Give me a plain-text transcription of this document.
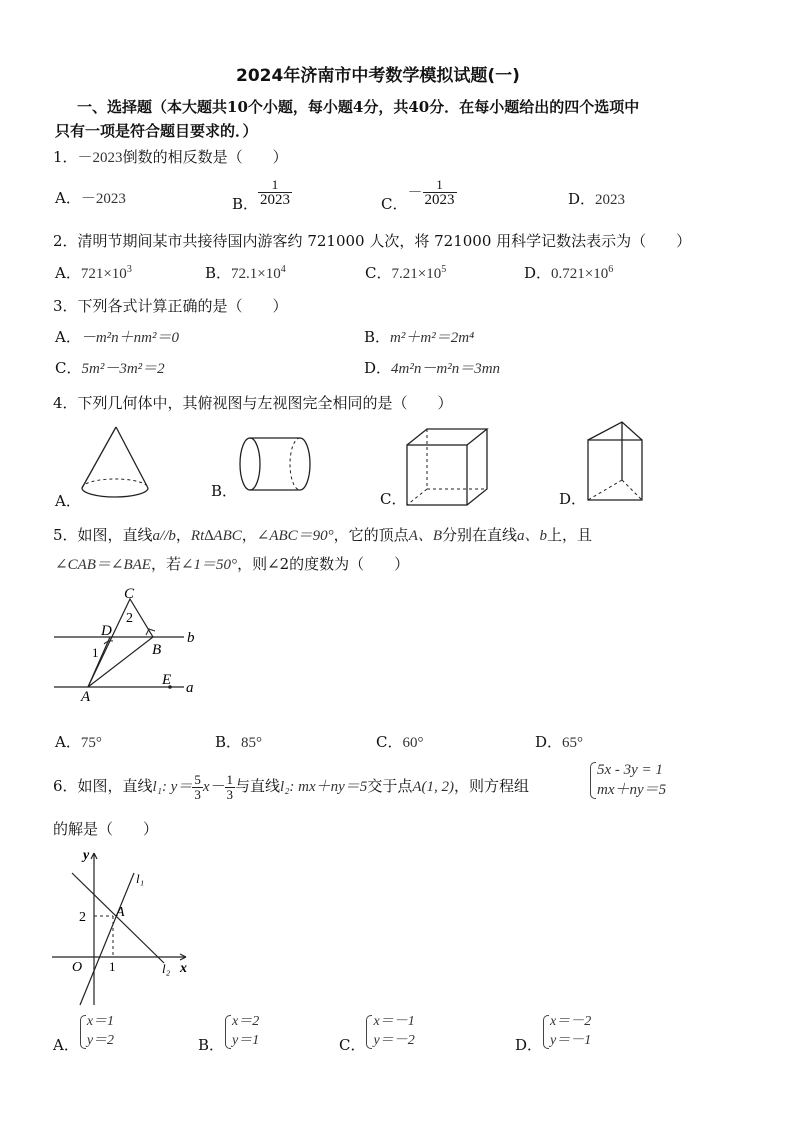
2024年济南市中考数学模拟试题(一)
一、选择题（本大题共10个小题，每小题4分，共40分．在每小题给出的四个选项中
只有一项是符合题目要求的．）
1．－2023倒数的相反数是（　　）
A．－2023	B． $\frac{1}{2023}$	C．－ $\frac{1}{2023}$	D．2023
2．清明节期间某市共接待国内游客约 721000 人次，将 721000 用科学记数法表示为（　　）
A．$721\times 10^3$	B．$72.1\times 10^4$	C．$7.21\times 10^5$	D．$0.721\times 10^6$
3．下列各式计算正确的是（　　）
A．－m²n＋nm²＝0	B．m²＋m²＝2m⁴
C．5m²－3m²＝2	D．4m²n－m²n＝3mn
4．下列几何体中，其俯视图与左视图完全相同的是（　　）
A．
B．	C．	D．
5．如图，直线a//b，Rt∆ABC，∠ABC＝90°，它的顶点A、B分别在直线a、b上，且
∠CAB＝∠BAE，若∠1＝50°，则∠2的度数为（　　）
C
2
D
1	B
b
A
E a
A．75°	B．85°	C．60°	D．65°
6．如图，直线l₁: $y= \frac{5}{3} x- \frac{1}{3}$ 与直线l₂: mx＋ny＝5交于点A(1, 2)，则方程组
5x - 3y = 1
mx＋ny＝5
的解是（　　）
y
x
O
A
2
1
l₁
l₂
A．
x＝1
y＝2	B．
x＝2
y＝1	C．
x＝－1
y＝－2	D．
x＝－2
y＝－1
